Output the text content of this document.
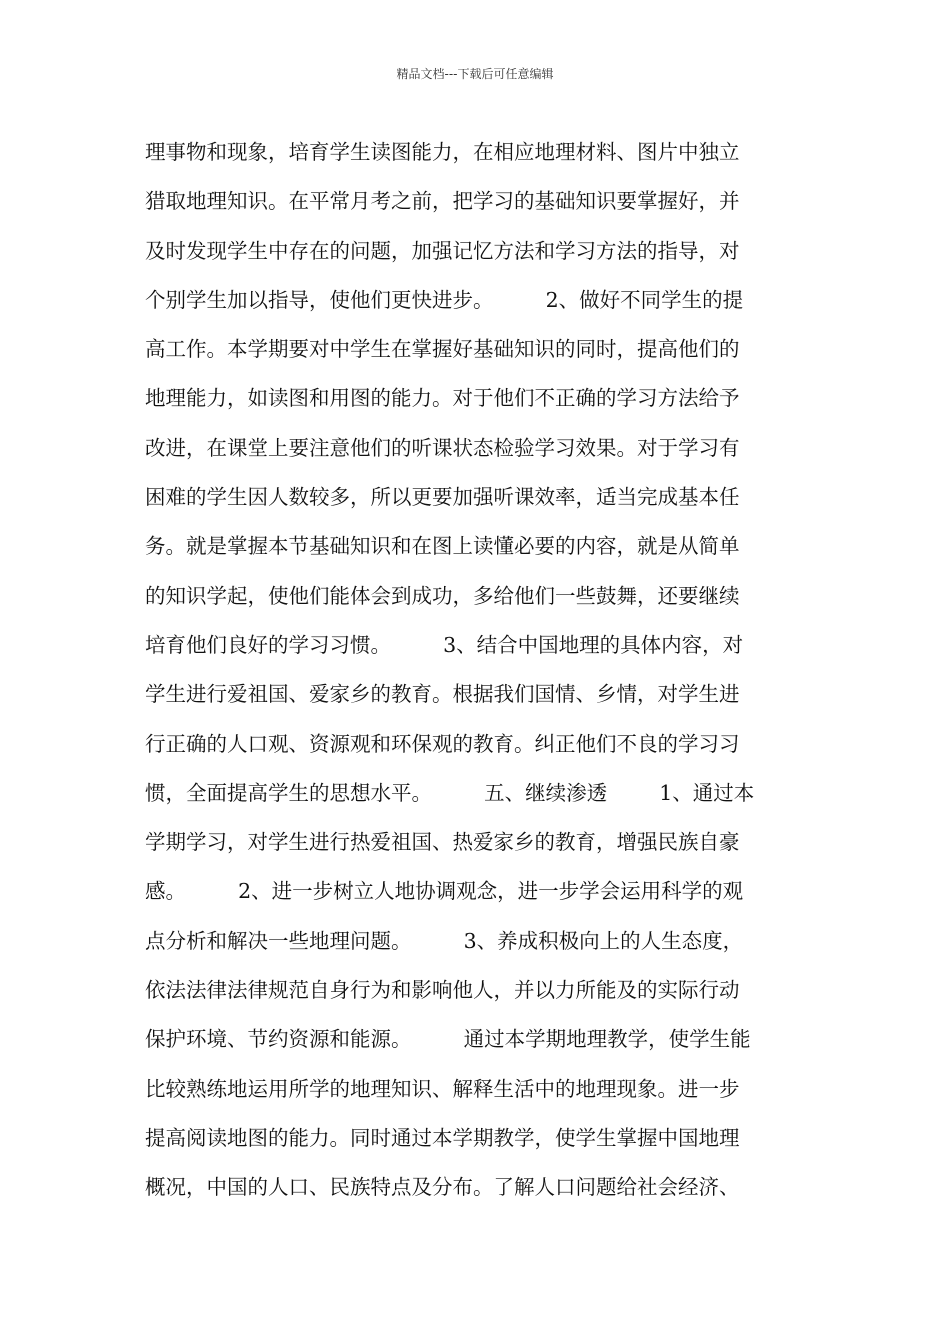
精品文档---下载后可任意编辑
理事物和现象，培育学生读图能力，在相应地理材料、图片中独立
猎取地理知识。在平常月考之前，把学习的基础知识要掌握好，并
及时发现学生中存在的问题，加强记忆方法和学习方法的指导，对
个别学生加以指导，使他们更快进步。        2、做好不同学生的提
高工作。本学期要对中学生在掌握好基础知识的同时，提高他们的
地理能力，如读图和用图的能力。对于他们不正确的学习方法给予
改进，在课堂上要注意他们的听课状态检验学习效果。对于学习有
困难的学生因人数较多，所以更要加强听课效率，适当完成基本任
务。就是掌握本节基础知识和在图上读懂必要的内容，就是从简单
的知识学起，使他们能体会到成功，多给他们一些鼓舞，还要继续
培育他们良好的学习习惯。        3、结合中国地理的具体内容，对
学生进行爱祖国、爱家乡的教育。根据我们国情、乡情，对学生进
行正确的人口观、资源观和环保观的教育。纠正他们不良的学习习
惯，全面提高学生的思想水平。        五、继续渗透        1、通过本
学期学习，对学生进行热爱祖国、热爱家乡的教育，增强民族自豪
感。        2、进一步树立人地协调观念，进一步学会运用科学的观
点分析和解决一些地理问题。        3、养成积极向上的人生态度，
依法法律法律规范自身行为和影响他人，并以力所能及的实际行动
保护环境、节约资源和能源。        通过本学期地理教学，使学生能
比较熟练地运用所学的地理知识、解释生活中的地理现象。进一步
提高阅读地图的能力。同时通过本学期教学，使学生掌握中国地理
概况，中国的人口、民族特点及分布。了解人口问题给社会经济、
